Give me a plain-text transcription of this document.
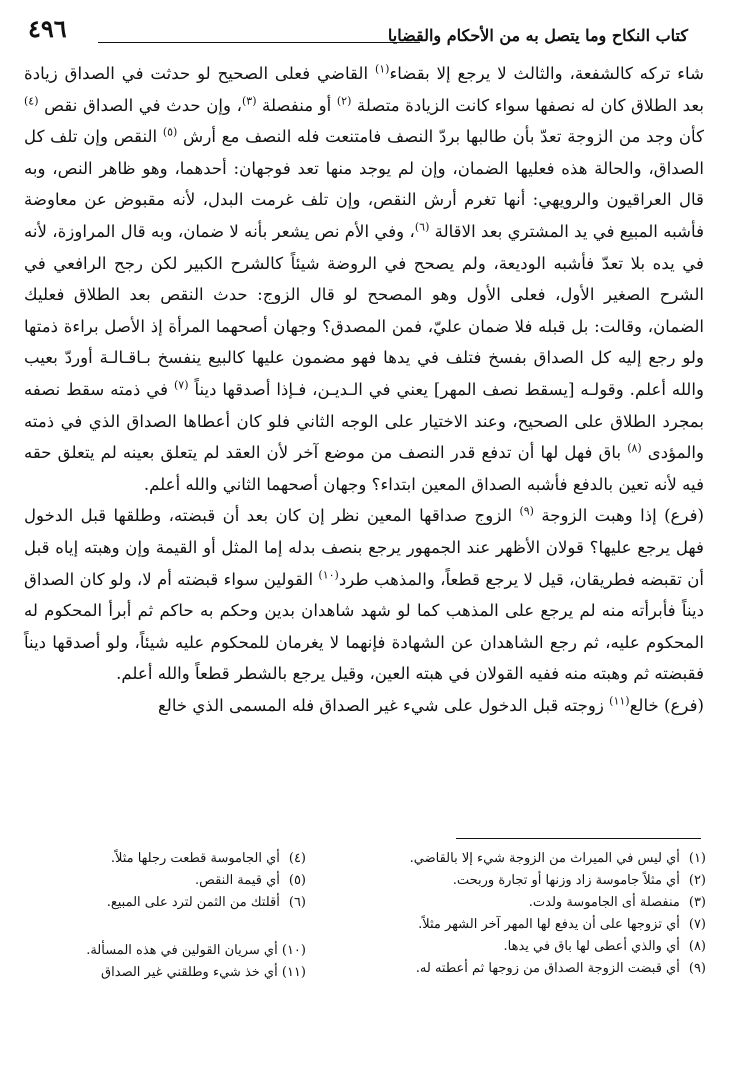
كتاب النكاح وما يتصل به من الأحكام والقضايا
٤٩٦

شاء تركه كالشفعة، والثالث لا يرجع إلا بقضاء$^{(١)}$ القاضي فعلى الصحيح لو حدثت في الصداق زيادة بعد الطلاق كان له نصفها سواء كانت الزيادة متصلة $^{(٢)}$ أو منفصلة $^{(٣)}$، وإن حدث في الصداق نقص $^{(٤)}$ كأن وجد من الزوجة تعدّ بأن طالبها بردّ النصف فامتنعت فله النصف مع أرش $^{(٥)}$ النقص وإن تلف كل الصداق، والحالة هذه فعليها الضمان، وإن لم يوجد منها تعد فوجهان: أحدهما، وهو ظاهر النص، وبه قال العراقيون والرويهي: أنها تغرم أرش النقص، وإن تلف غرمت البدل، لأنه مقبوض عن معاوضة فأشبه المبيع في يد المشتري بعد الاقالة $^{(٦)}$، وفي الأم نص يشعر بأنه لا ضمان، وبه قال المراوزة، لأنه في يده بلا تعدّ فأشبه الوديعة، ولم يصحح في الروضة شيئاً كالشرح الكبير لكن رجح الرافعي في الشرح الصغير الأول، فعلى الأول وهو المصحح لو قال الزوج: حدث النقص بعد الطلاق فعليك الضمان، وقالت: بل قبله فلا ضمان عليّ، فمن المصدق؟ وجهان أصحهما المرأة إذ الأصل براءة ذمتها ولو رجع إليه كل الصداق بفسخ فتلف في يدها فهو مضمون عليها كالبيع ينفسخ بـاقـالـة أوردّ بعيب والله أعلم. وقولـه [يسقط نصف المهر] يعني في الـديـن، فـإذا أصدقها ديناً $^{(٧)}$ في ذمته سقط نصفه بمجرد الطلاق على الصحيح، وعند الاختيار على الوجه الثاني فلو كان أعطاها الصداق الذي في ذمته والمؤدى $^{(٨)}$ باق فهل لها أن تدفع قدر النصف من موضع آخر لأن العقد لم يتعلق بعينه لم يتعلق حقه فيه لأنه تعين بالدفع فأشبه الصداق المعين ابتداء؟ وجهان أصحهما الثاني والله أعلم.

(فرع) إذا وهبت الزوجة $^{(٩)}$ الزوج صداقها المعين نظر إن كان بعد أن قبضته، وطلقها قبل الدخول فهل يرجع عليها؟ قولان الأظهر عند الجمهور يرجع بنصف بدله إما المثل أو القيمة وإن وهبته إياه قبل أن تقبضه فطريقان، قيل لا يرجع قطعاً، والمذهب طرد$^{(١٠)}$ القولين سواء قبضته أم لا، ولو كان الصداق ديناً فأبرأته منه لم يرجع على المذهب كما لو شهد شاهدان بدين وحكم به حاكم ثم أبرأ المحكوم له المحكوم عليه، ثم رجع الشاهدان عن الشهادة فإنهما لا يغرمان للمحكوم عليه شيئاً، ولو أصدقها ديناً فقبضته ثم وهبته منه ففيه القولان في هبته العين، وقيل يرجع بالشطر قطعاً والله أعلم.

(فرع) خالع$^{(١١)}$ زوجته قبل الدخول على شيء غير الصداق فله المسمى الذي خالع

(١) أي ليس في الميراث من الزوجة شيء إلا بالقاضي.
(٢) أي مثلاً جاموسة زاد وزنها أو تجارة وربحت.
(٣) منفصلة أى الجاموسة ولدت.
(٧) أي تزوجها على أن يدفع لها المهر آخر الشهر مثلاً.
(٨) أي والذي أعطى لها باق في يدها.
(٩) أي قبضت الزوجة الصداق من زوجها ثم أعطته له.
(٤) أي الجاموسة قطعت رجلها مثلاً.
(٥) أي قيمة النقص.
(٦) أقلتك من الثمن لترد على المبيع.
(١٠) أي سريان القولين في هذه المسألة.
(١١) أي خذ شيء وطلقني غير الصداق
